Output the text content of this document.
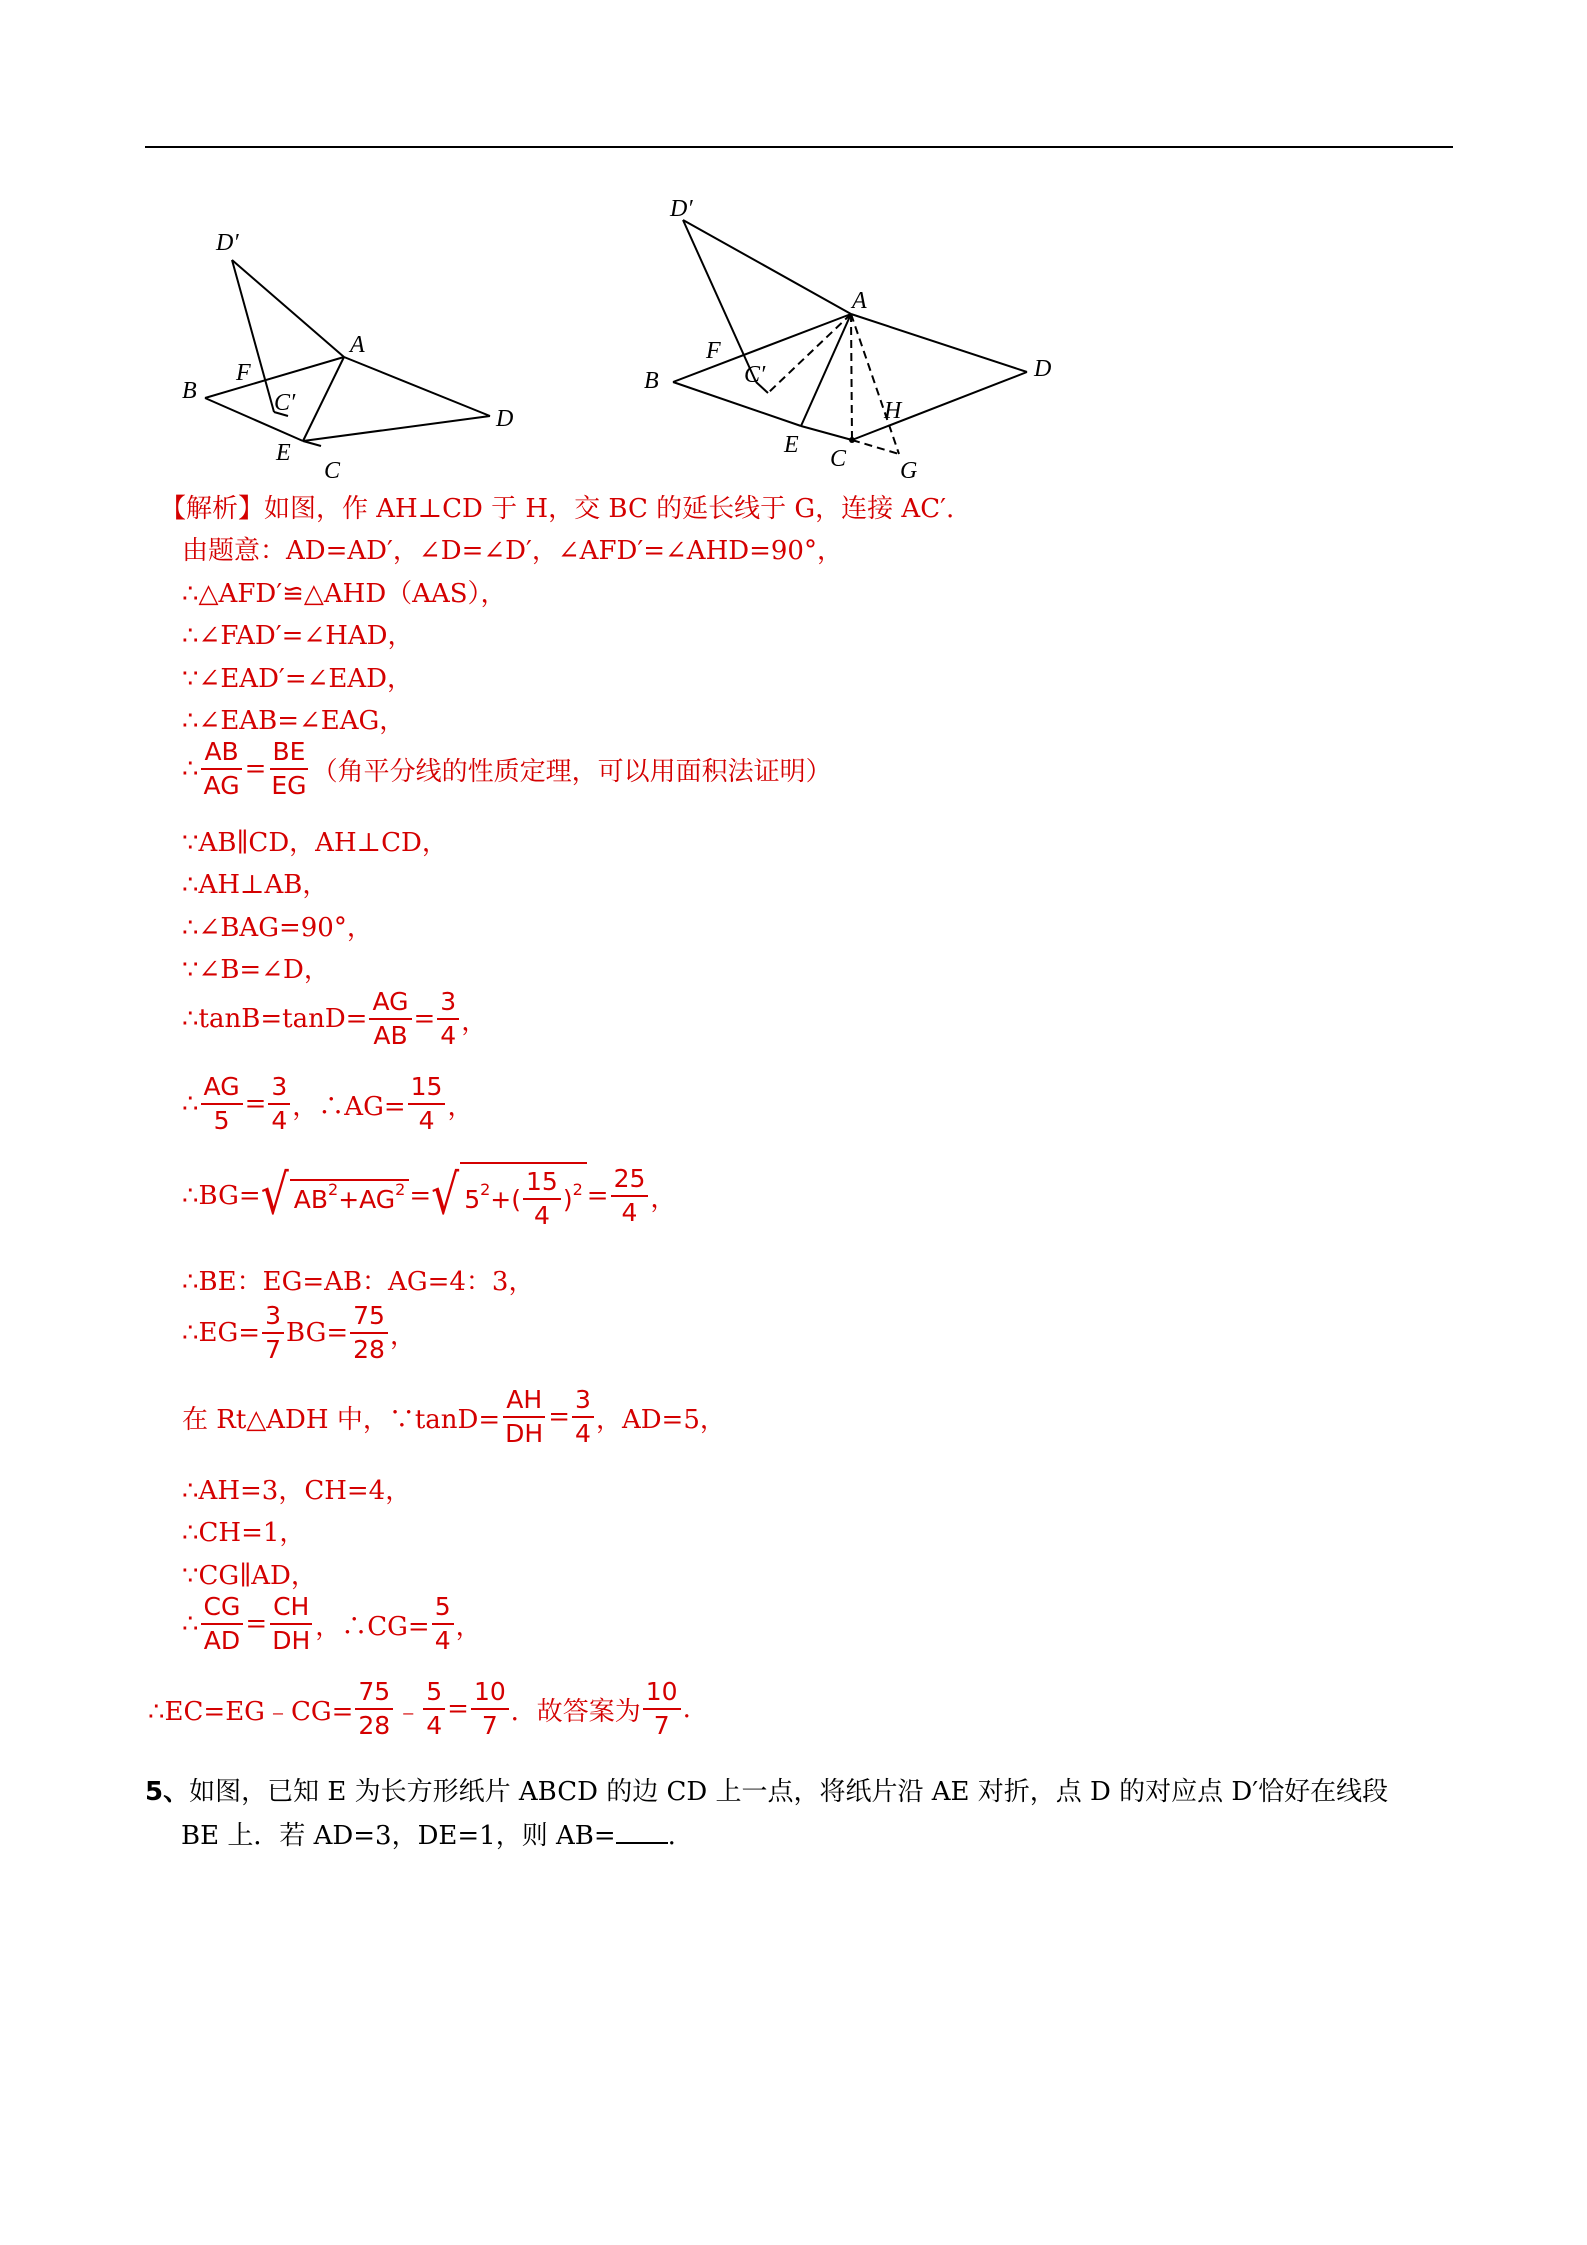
D′
A
F
B	C′
D
E
C
D′
A
F
B	C′
H
D
E
C G
【解析】如图，作 AH⊥CD 于 H，交 BC 的延长线于 G，连接 AC′.
由题意：AD=AD′，∠D=∠D′，∠AFD′=∠AHD=90°，
∴△AFD′≌△AHD（AAS），
∴∠FAD′=∠HAD，
∵∠EAD′=∠EAD，
∴∠EAB=∠EAG，
∴ $\frac{AB}{AG} = \frac{BE}{EG}$ （角平分线的性质定理，可以用面积法证明）
∵AB∥CD，AH⊥CD，
∴AH⊥AB，
∴∠BAG=90°，
∵∠B=∠D，
∴tanB=tanD= $\frac{AG}{AB} = \frac{3}{4}$ ，
∴ $\frac{AG}{5} = \frac{3}{4}$ ，∴AG= $\frac{15}{4}$ ，
∴BG= √ AB 2 +AG 2 = √ 5 2 +( $\frac{15}{4}$ ) $2 = \frac{25}{4}$ ，
∴BE：EG=AB：AG=4：3，
∴EG= $\frac{3}{7} BG= \frac{75}{28}$ ，
在 Rt△ADH 中，∵tanD= $\frac{AH}{DH} = \frac{3}{4}$ ，AD=5，
∴AH=3，CH=4，
∴CH=1，
∵CG∥AD，
∴ $\frac{CG}{AD} = \frac{CH}{DH}$ ，∴CG= $\frac{5}{4}$ ，
∴EC=EG﹣CG= $\frac{75}{28}$ ﹣ $\frac{5}{4} = \frac{10}{7}$ ．故答案为 $\frac{10}{7}$ .
5、如图，已知 E 为长方形纸片 ABCD 的边 CD 上一点，将纸片沿 AE 对折，点 D 的对应点 D′恰好在线段
BE 上．若 AD=3，DE=1，则 AB= .
